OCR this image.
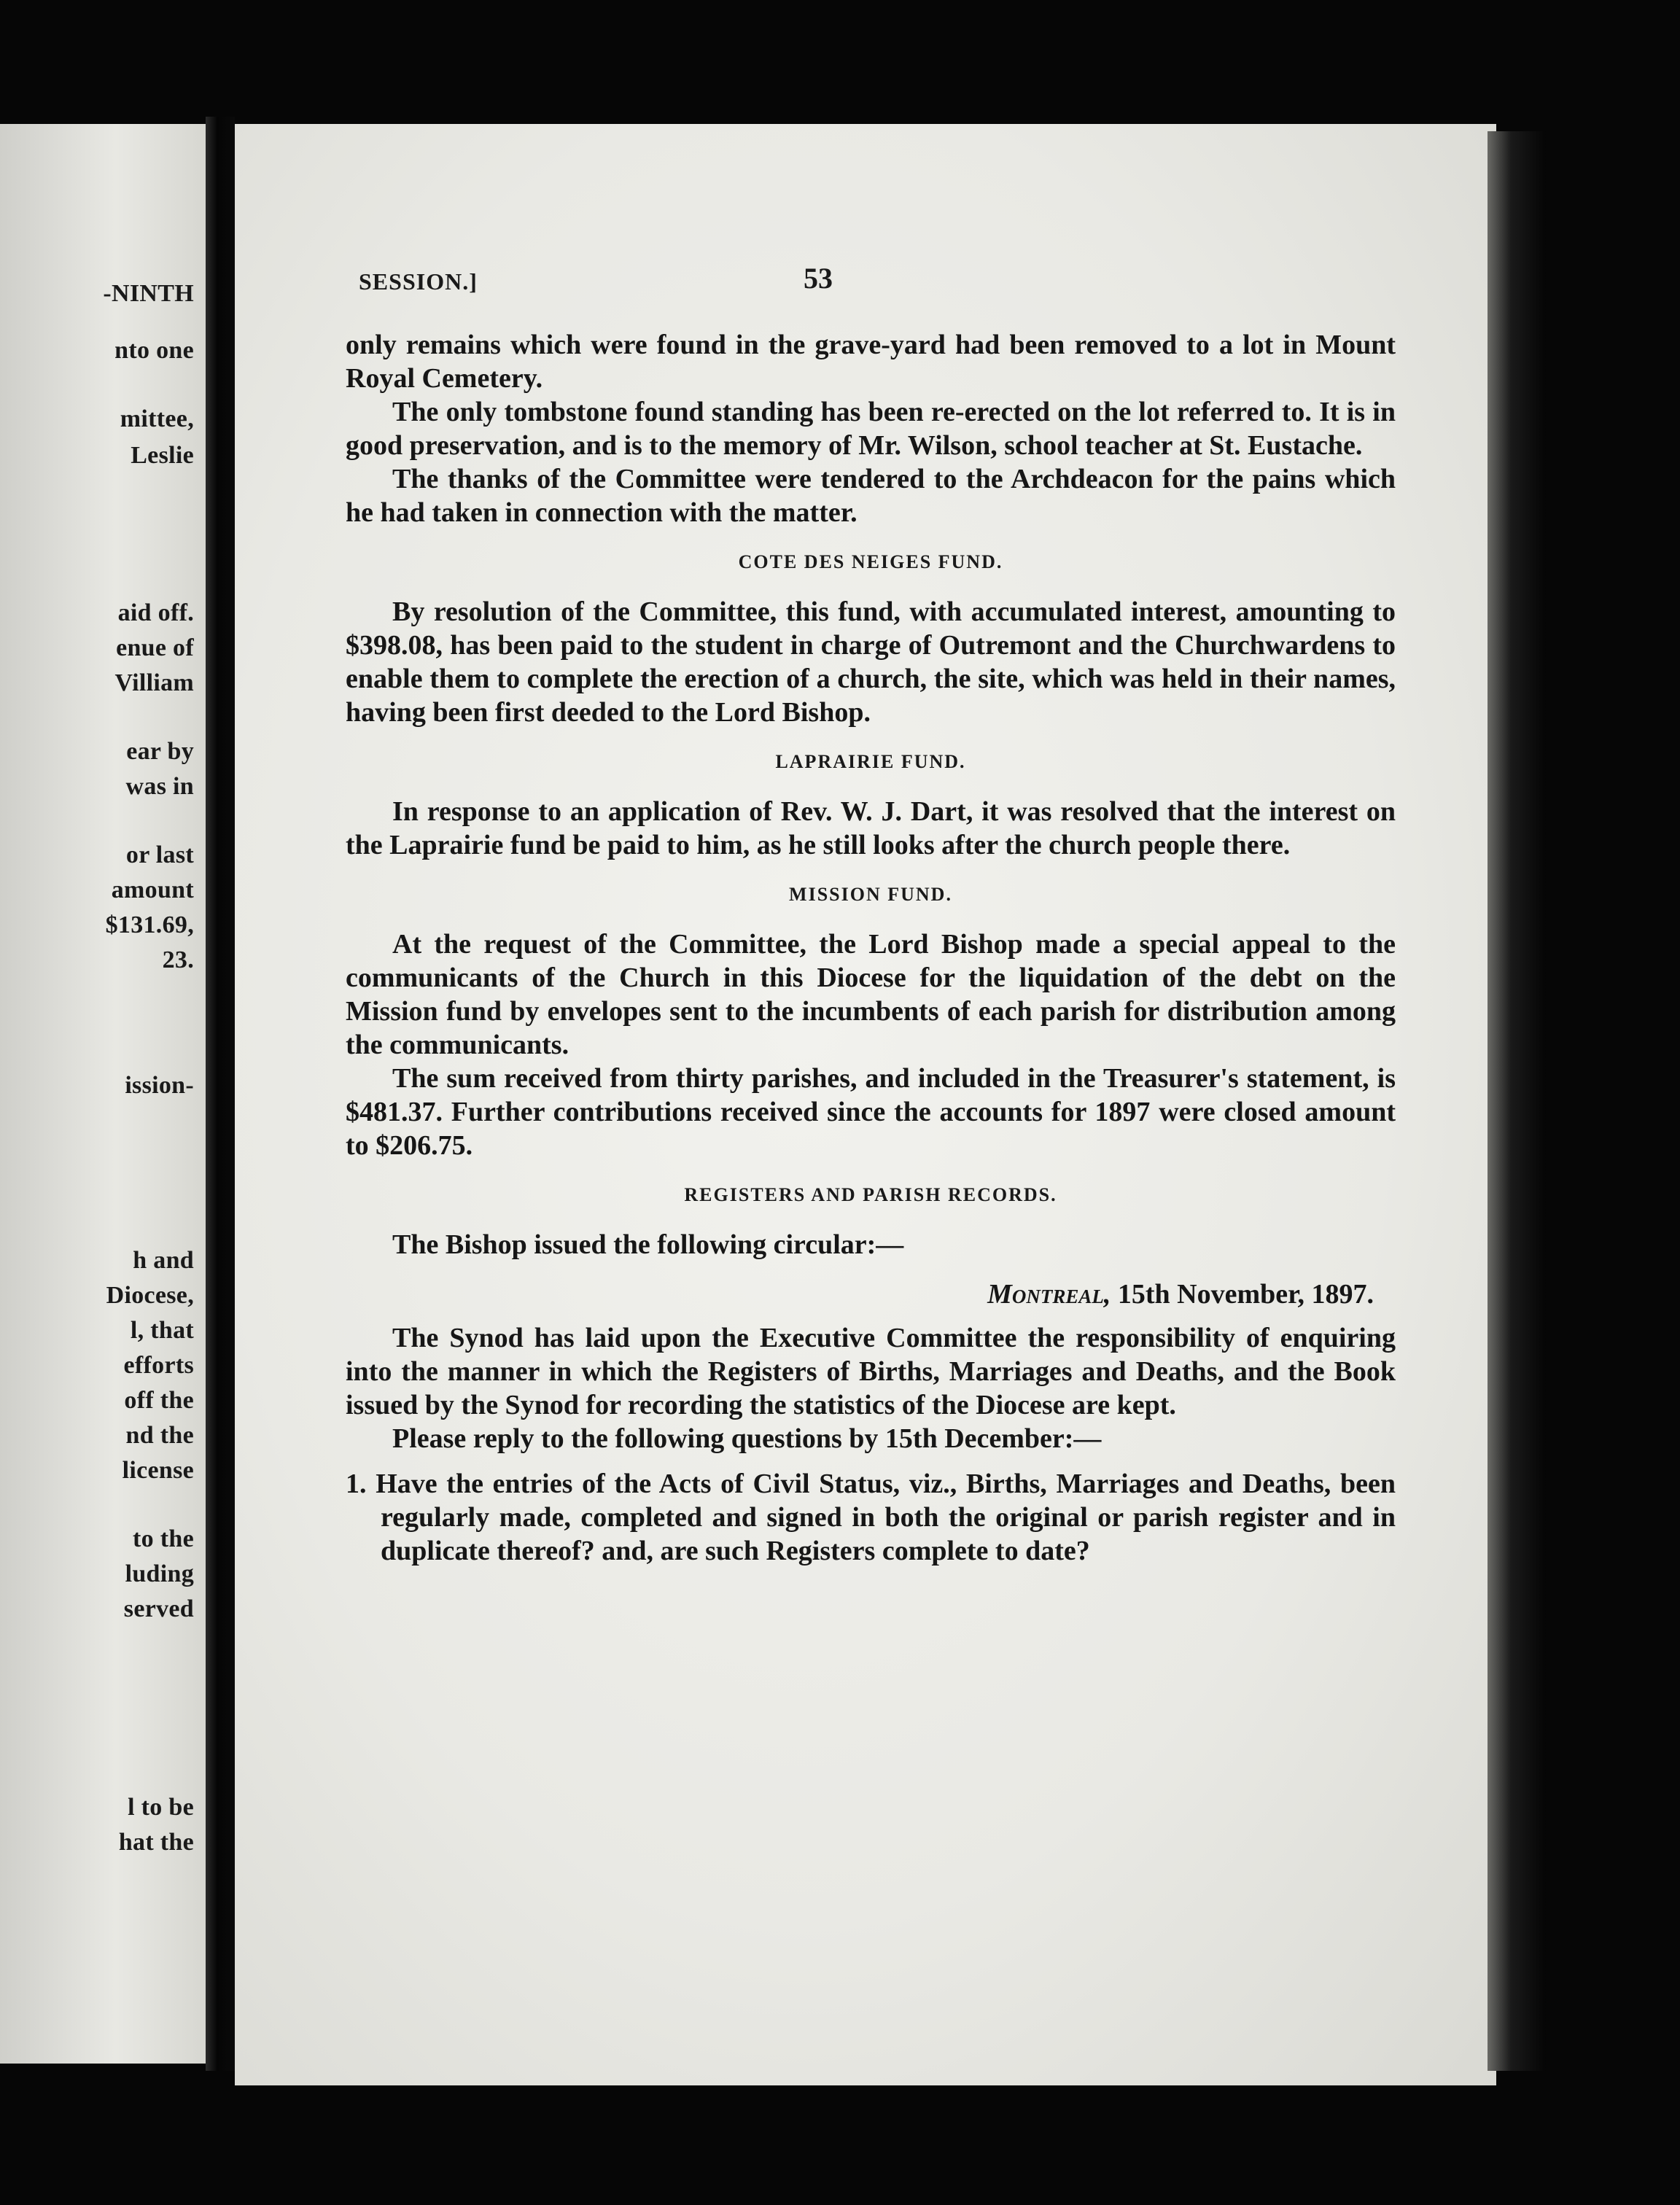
-NINTH
nto one
mittee,
Leslie
aid off.
enue of
Villiam
ear by
was in
or last
amount
$131.69,
23.
ission-
h and
Diocese,
l, that
efforts
off the
nd the
license
to the
luding
served
l to be
hat the
SESSION.]	53

only remains which were found in the grave-yard had been removed to a lot in Mount Royal Cemetery.

The only tombstone found standing has been re-erected on the lot referred to. It is in good preservation, and is to the memory of Mr. Wilson, school teacher at St. Eustache.

The thanks of the Committee were tendered to the Archdeacon for the pains which he had taken in connection with the matter.

COTE DES NEIGES FUND.

By resolution of the Committee, this fund, with accumulated interest, amounting to $398.08, has been paid to the student in charge of Outremont and the Churchwardens to enable them to complete the erection of a church, the site, which was held in their names, having been first deeded to the Lord Bishop.

LAPRAIRIE FUND.

In response to an application of Rev. W. J. Dart, it was resolved that the interest on the Laprairie fund be paid to him, as he still looks after the church people there.

MISSION FUND.

At the request of the Committee, the Lord Bishop made a special appeal to the communicants of the Church in this Diocese for the liquidation of the debt on the Mission fund by envelopes sent to the incumbents of each parish for distribution among the communicants.

The sum received from thirty parishes, and included in the Treasurer's statement, is $481.37. Further contributions received since the accounts for 1897 were closed amount to $206.75.

REGISTERS AND PARISH RECORDS.

The Bishop issued the following circular:—

Montreal, 15th November, 1897.

The Synod has laid upon the Executive Committee the responsibility of enquiring into the manner in which the Registers of Births, Marriages and Deaths, and the Book issued by the Synod for recording the statistics of the Diocese are kept.

Please reply to the following questions by 15th December:—

1. Have the entries of the Acts of Civil Status, viz., Births, Marriages and Deaths, been regularly made, completed and signed in both the original or parish register and in duplicate thereof? and, are such Registers complete to date?
